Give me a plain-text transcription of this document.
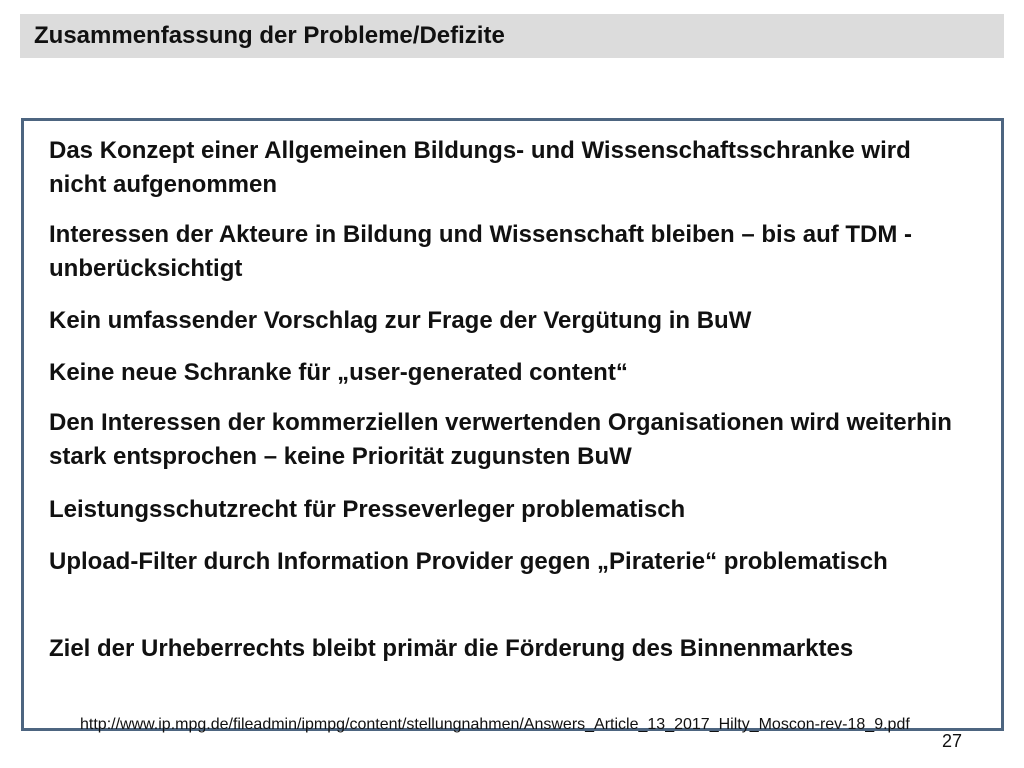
Zusammenfassung der Probleme/Defizite
Das Konzept einer Allgemeinen Bildungs- und Wissenschaftsschranke wird nicht aufgenommen
Interessen der Akteure in Bildung und Wissenschaft bleiben – bis auf TDM - unberücksichtigt
Kein umfassender Vorschlag zur Frage der Vergütung in BuW
Keine neue Schranke für „user-generated content“
Den Interessen der kommerziellen verwertenden Organisationen wird weiterhin stark entsprochen – keine Priorität zugunsten BuW
Leistungsschutzrecht für Presseverleger problematisch
Upload-Filter durch Information Provider gegen „Piraterie“ problematisch
Ziel der Urheberrechts bleibt primär die Förderung des Binnenmarktes
http://www.ip.mpg.de/fileadmin/ipmpg/content/stellungnahmen/Answers_Article_13_2017_Hilty_Moscon-rev-18_9.pdf
27
